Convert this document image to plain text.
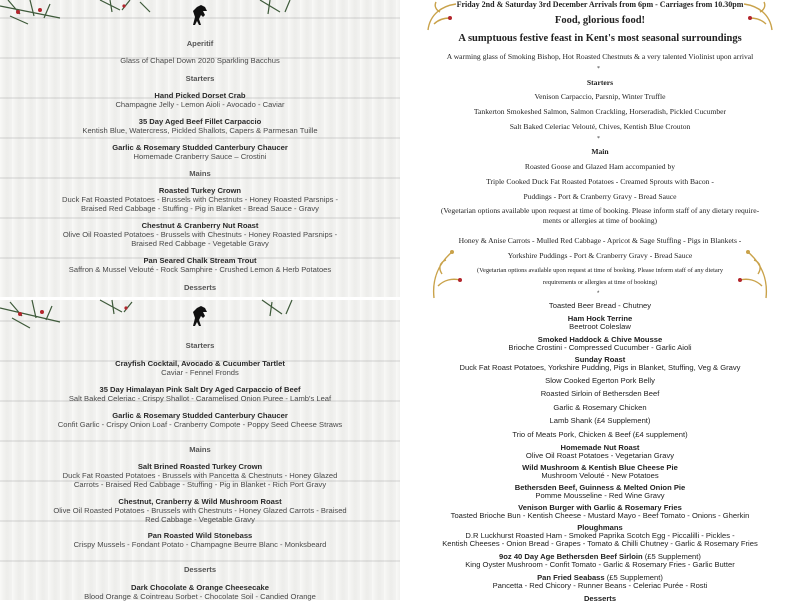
Aperitif
Glass of Chapel Down 2020 Sparkling Bacchus
Starters
Hand Picked Dorset Crab
Champagne Jelly - Lemon Aioli - Avocado - Caviar
35 Day Aged Beef Fillet Carpaccio
Kentish Blue, Watercress, Pickled Shallots, Capers & Parmesan Tuille
Garlic & Rosemary Studded Canterbury Chaucer
Homemade Cranberry Sauce – Crostini
Mains
Roasted Turkey Crown
Duck Fat Roasted Potatoes - Brussels with Chestnuts - Honey Roasted Parsnips -
Braised Red Cabbage - Stuffing - Pig in Blanket - Bread Sauce - Gravy
Chestnut & Cranberry Nut Roast
Olive Oil Roasted Potatoes - Brussels with Chestnuts - Honey Roasted Parsnips -
Braised Red Cabbage - Vegetable Gravy
Pan Seared Chalk Stream Trout
Saffron & Mussel Velouté - Rock Samphire - Crushed Lemon & Herb Potatoes
Desserts
Starters
Crayfish Cocktail, Avocado & Cucumber Tartlet
Caviar - Fennel Fronds
35 Day Himalayan Pink Salt Dry Aged Carpaccio of Beef
Salt Baked Celeriac - Crispy Shallot - Caramelised Onion Puree - Lamb's Leaf
Garlic & Rosemary Studded Canterbury Chaucer
Confit Garlic - Crispy Onion Loaf - Cranberry Compote - Poppy Seed Cheese Straws
Mains
Salt Brined Roasted Turkey Crown
Duck Fat Roasted Potatoes - Brussels with Pancetta & Chestnuts - Honey Glazed
Carrots - Braised Red Cabbage - Stuffing - Pig in Blanket - Rich Port Gravy
Chestnut, Cranberry & Wild Mushroom Roast
Olive Oil Roasted Potatoes - Brussels with Chestnuts - Honey Glazed Carrots - Braised
Red Cabbage - Vegetable Gravy
Pan Roasted Wild Stonebass
Crispy Mussels - Fondant Potato - Champagne Beurre Blanc - Monksbeard
Desserts
Dark Chocolate & Orange Cheesecake
Blood Orange & Cointreau Sorbet - Chocolate Soil - Candied Orange
Friday 2nd & Saturday 3rd December Arrivals from 6pm - Carriages from 10.30pm
Food, glorious food!
A sumptuous festive feast in Kent's most seasonal surroundings
A warming glass of Smoking Bishop, Hot Roasted Chestnuts & a very talented Violinist upon arrival
*
Starters
Venison Carpaccio, Parsnip, Winter Truffle
Tankerton Smokeshed Salmon, Salmon Crackling, Horseradish, Pickled Cucumber
Salt Baked Celeriac Velouté, Chives, Kentish Blue Crouton
*
Main
Roasted Goose and Glazed Ham accompanied by
Triple Cooked Duck Fat Roasted Potatoes - Creamed Sprouts with Bacon -
Puddings - Port & Cranberry Gravy - Bread Sauce
(Vegetarian options available upon request at time of booking. Please inform staff of any dietary require-
ments or allergies at time of booking)
Honey & Anise Carrots - Mulled Red Cabbage - Apricot & Sage Stuffing - Pigs in Blankets -
Yorkshire Puddings - Port & Cranberry Gravy - Bread Sauce
(Vegetarian options available upon request at time of booking. Please inform staff of any dietary
requirements or allergies at time of booking)
*
Toasted Beer Bread - Chutney
Ham Hock Terrine
Beetroot Coleslaw
Smoked Haddock & Chive Mousse
Brioche Crostini - Compressed Cucumber - Garlic Aioli
Sunday Roast
Duck Fat Roast Potatoes, Yorkshire Pudding, Pigs in Blanket, Stuffing, Veg & Gravy
Slow Cooked Egerton Pork Belly
Roasted Sirloin of Bethersden Beef
Garlic & Rosemary Chicken
Lamb Shank (£4 Supplement)
Trio of Meats Pork, Chicken & Beef (£4 supplement)
Homemade Nut Roast
Olive Oil Roast Potatoes - Vegetarian Gravy
Wild Mushroom & Kentish Blue Cheese Pie
Mushroom Velouté - New Potatoes
Bethersden Beef, Guinness & Melted Onion Pie
Pomme Mousseline - Red Wine Gravy
Venison Burger with Garlic & Rosemary Fries
Toasted Brioche Bun - Kentish Cheese - Mustard Mayo - Beef Tomato - Onions - Gherkin
Ploughmans
D.R Luckhurst Roasted Ham - Smoked Paprika Scotch Egg - Piccalilli - Pickles -
Kentish Cheeses - Onion Bread - Grapes - Tomato & Chilli Chutney - Garlic & Rosemary Fries
9oz 40 Day Age Bethersden Beef Sirloin (£5 Supplement)
King Oyster Mushroom - Confit Tomato - Garlic & Rosemary Fries - Garlic Butter
Pan Fried Seabass (£5 Supplement)
Pancetta - Red Chicory - Runner Beans - Celeriac Purée - Rosti
Desserts
